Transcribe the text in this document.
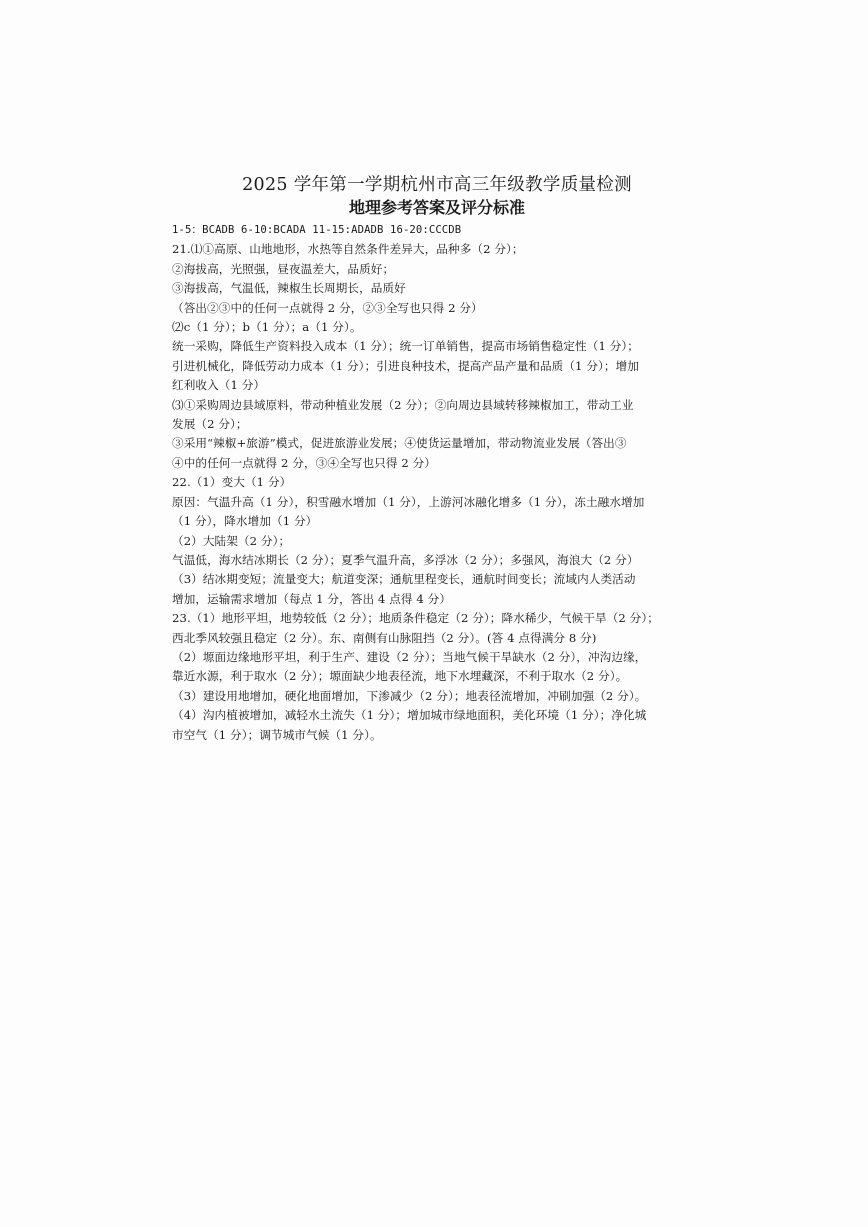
2025 学年第一学期杭州市高三年级教学质量检测
地理参考答案及评分标准

1-5：BCADB 6-10:BCADA 11-15:ADADB 16-20:CCCDB

21.⑴①高原、山地地形，水热等自然条件差异大，品种多（2 分）；

②海拔高，光照强，昼夜温差大，品质好；

③海拔高，气温低，辣椒生长周期长，品质好

（答出②③中的任何一点就得 2 分，②③全写也只得 2 分）

⑵c（1 分）；b（1 分）；a（1 分）。

统一采购，降低生产资料投入成本（1 分）；统一订单销售，提高市场销售稳定性（1 分）；

引进机械化，降低劳动力成本（1 分）；引进良种技术，提高产品产量和品质（1 分）；增加

红利收入（1 分）

⑶①采购周边县域原料，带动种植业发展（2 分）；②向周边县域转移辣椒加工，带动工业

发展（2 分）；

③采用“辣椒+旅游”模式，促进旅游业发展；④使货运量增加，带动物流业发展（答出③

④中的任何一点就得 2 分，③④全写也只得 2 分）

22.（1）变大（1 分）

原因：气温升高（1 分），积雪融水增加（1 分），上游河冰融化增多（1 分），冻土融水增加

（1 分），降水增加（1 分）

（2）大陆架（2 分）；

气温低，海水结冰期长（2 分）；夏季气温升高，多浮冰（2 分）；多强风，海浪大（2 分）

（3）结冰期变短；流量变大；航道变深；通航里程变长，通航时间变长；流域内人类活动

增加，运输需求增加（每点 1 分，答出 4 点得 4 分）

23.（1）地形平坦，地势较低（2 分）；地质条件稳定（2 分）；降水稀少，气候干旱（2 分）；

西北季风较强且稳定（2 分）。东、南侧有山脉阻挡（2 分）。(答 4 点得满分 8 分)

（2）塬面边缘地形平坦，利于生产、建设（2 分）；当地气候干旱缺水（2 分），冲沟边缘，

靠近水源，利于取水（2 分）；塬面缺少地表径流，地下水埋藏深，不利于取水（2 分）。

（3）建设用地增加，硬化地面增加，下渗减少（2 分）；地表径流增加，冲刷加强（2 分）。

（4）沟内植被增加，减轻水土流失（1 分）；增加城市绿地面积，美化环境（1 分）；净化城

市空气（1 分）；调节城市气候（1 分）。
